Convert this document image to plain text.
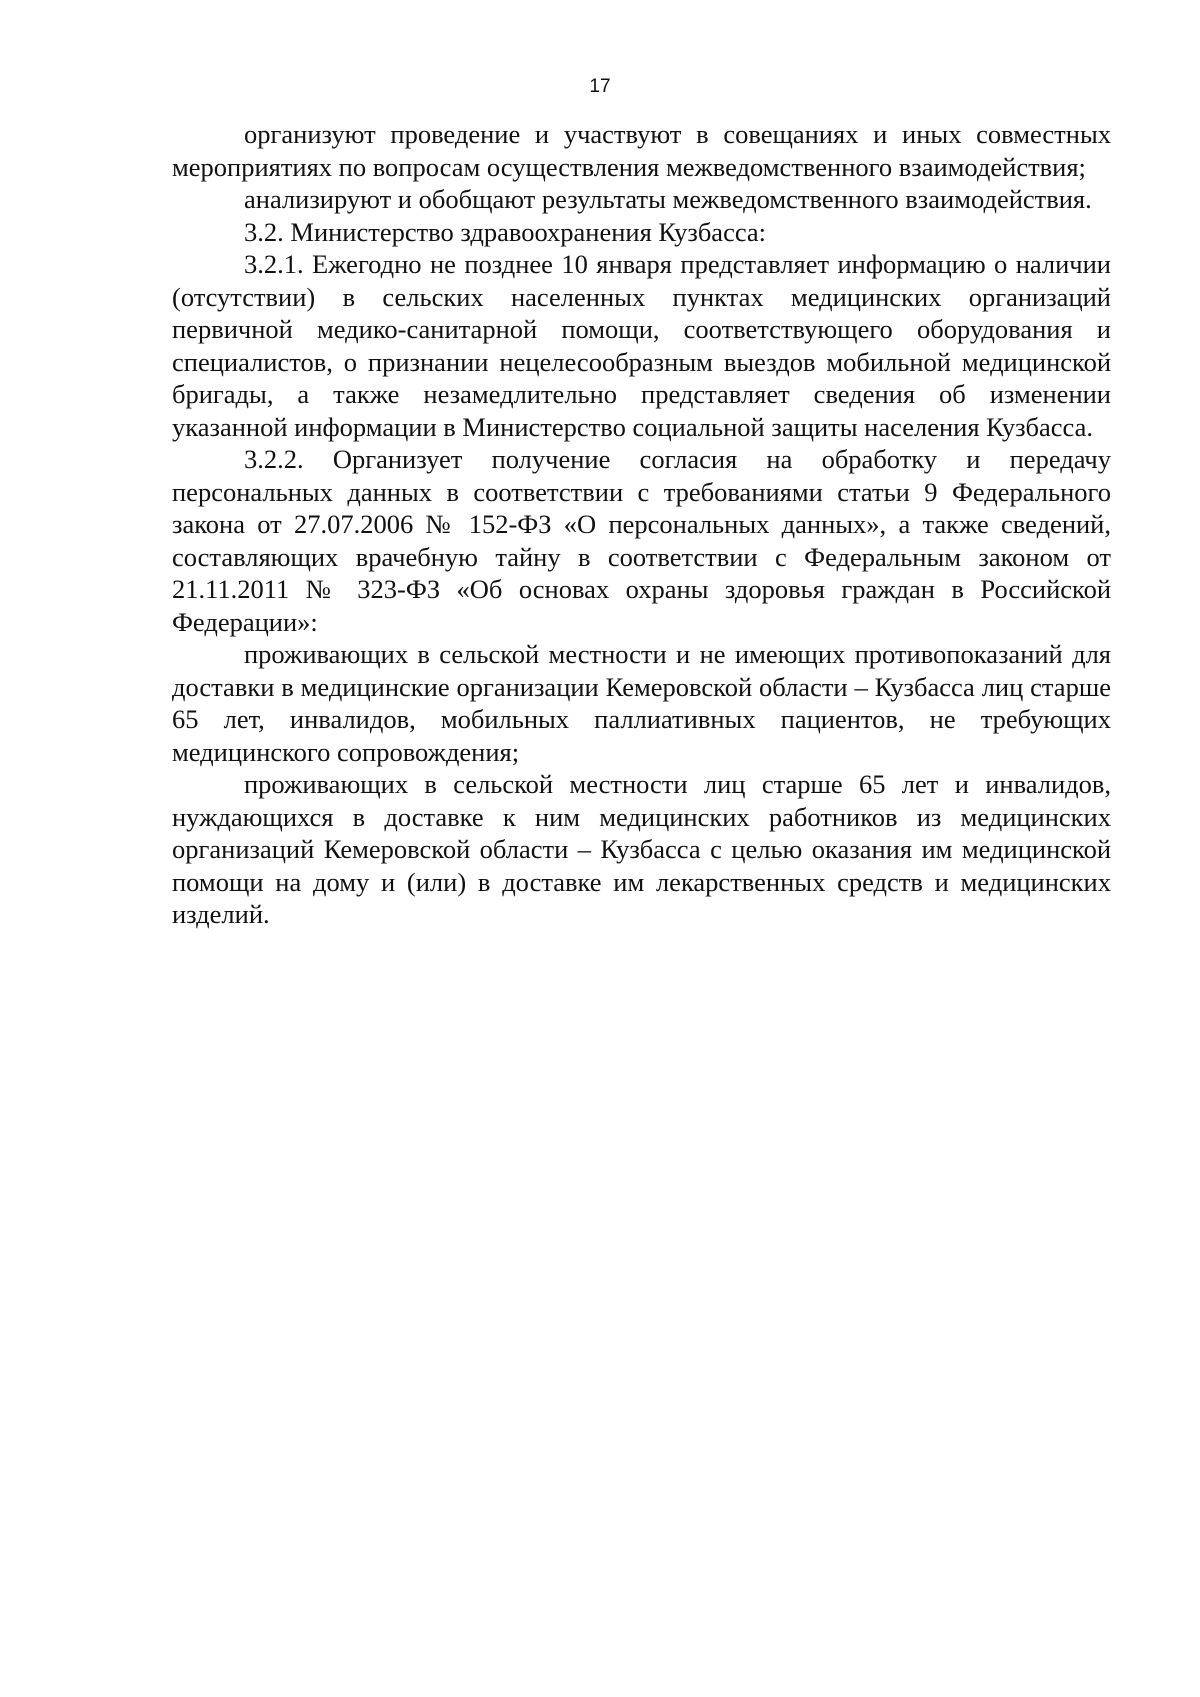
17

организуют проведение и участвуют в совещаниях и иных совместных мероприятиях по вопросам осуществления межведомственного взаимодействия;

анализируют и обобщают результаты межведомственного взаимодействия.

3.2. Министерство здравоохранения Кузбасса:

3.2.1. Ежегодно не позднее 10 января представляет информацию о наличии (отсутствии) в сельских населенных пунктах медицинских организаций первичной медико-санитарной помощи, соответствующего оборудования и специалистов, о признании нецелесообразным выездов мобильной медицинской бригады, а также незамедлительно представляет сведения об изменении указанной информации в Министерство социальной защиты населения Кузбасса.

3.2.2. Организует получение согласия на обработку и передачу персональных данных в соответствии с требованиями статьи 9 Федерального закона от 27.07.2006 № 152-ФЗ «О персональных данных», а также сведений, составляющих врачебную тайну в соответствии с Федеральным законом от 21.11.2011 № 323-ФЗ «Об основах охраны здоровья граждан в Российской Федерации»:

проживающих в сельской местности и не имеющих противопоказаний для доставки в медицинские организации Кемеровской области – Кузбасса лиц старше 65 лет, инвалидов, мобильных паллиативных пациентов, не требующих медицинского сопровождения;

проживающих в сельской местности лиц старше 65 лет и инвалидов, нуждающихся в доставке к ним медицинских работников из медицинских организаций Кемеровской области – Кузбасса с целью оказания им медицинской помощи на дому и (или) в доставке им лекарственных средств и медицинских изделий.
